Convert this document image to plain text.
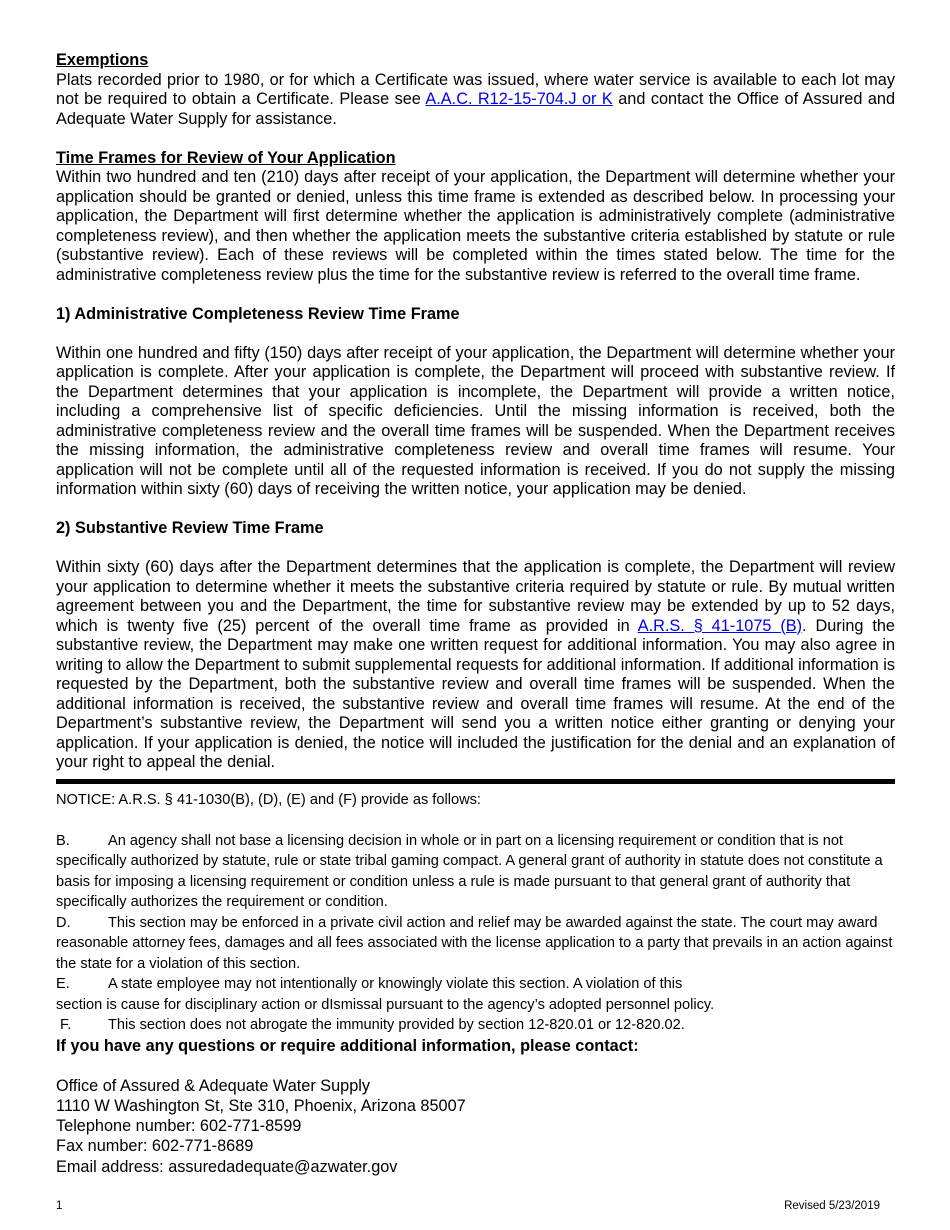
Exemptions

Plats recorded prior to 1980, or for which a Certificate was issued, where water service is available to each lot may not be required to obtain a Certificate. Please see A.A.C. R12-15-704.J or K and contact the Office of Assured and Adequate Water Supply for assistance.

Time Frames for Review of Your Application

Within two hundred and ten (210) days after receipt of your application, the Department will determine whether your application should be granted or denied, unless this time frame is extended as described below. In processing your application, the Department will first determine whether the application is administratively complete (administrative completeness review), and then whether the application meets the substantive criteria established by statute or rule (substantive review). Each of these reviews will be completed within the times stated below. The time for the administrative completeness review plus the time for the substantive review is referred to the overall time frame.

1) Administrative Completeness Review Time Frame

Within one hundred and fifty (150) days after receipt of your application, the Department will determine whether your application is complete. After your application is complete, the Department will proceed with substantive review. If the Department determines that your application is incomplete, the Department will provide a written notice, including a comprehensive list of specific deficiencies. Until the missing information is received, both the administrative completeness review and the overall time frames will be suspended. When the Department receives the missing information, the administrative completeness review and overall time frames will resume. Your application will not be complete until all of the requested information is received. If you do not supply the missing information within sixty (60) days of receiving the written notice, your application may be denied.

2) Substantive Review Time Frame

Within sixty (60) days after the Department determines that the application is complete, the Department will review your application to determine whether it meets the substantive criteria required by statute or rule. By mutual written agreement between you and the Department, the time for substantive review may be extended by up to 52 days, which is twenty five (25) percent of the overall time frame as provided in A.R.S. § 41-1075 (B). During the substantive review, the Department may make one written request for additional information. You may also agree in writing to allow the Department to submit supplemental requests for additional information. If additional information is requested by the Department, both the substantive review and overall time frames will be suspended. When the additional information is received, the substantive review and overall time frames will resume. At the end of the Department’s substantive review, the Department will send you a written notice either granting or denying your application. If your application is denied, the notice will included the justification for the denial and an explanation of your right to appeal the denial.

NOTICE: A.R.S. § 41-1030(B), (D), (E) and (F) provide as follows:

B.	An agency shall not base a licensing decision in whole or in part on a licensing requirement or condition that is not specifically authorized by statute, rule or state tribal gaming compact. A general grant of authority in statute does not constitute a basis for imposing a licensing requirement or condition unless a rule is made pursuant to that general grant of authority that specifically authorizes the requirement or condition.

D.	This section may be enforced in a private civil action and relief may be awarded against the state. The court may award reasonable attorney fees, damages and all fees associated with the license application to a party that prevails in an action against the state for a violation of this section.

E.	A state employee may not intentionally or knowingly violate this section. A violation of this

section is cause for disciplinary action or dIsmissal pursuant to the agency’s adopted personnel policy.

F.	This section does not abrogate the immunity provided by section 12-820.01 or 12-820.02.

If you have any questions or require additional information, please contact:

Office of Assured & Adequate Water Supply

1110 W Washington St, Ste 310, Phoenix, Arizona 85007

Telephone number: 602-771-8599

Fax number: 602-771-8689

Email address: assuredadequate@azwater.gov

1	Revised 5/23/2019
